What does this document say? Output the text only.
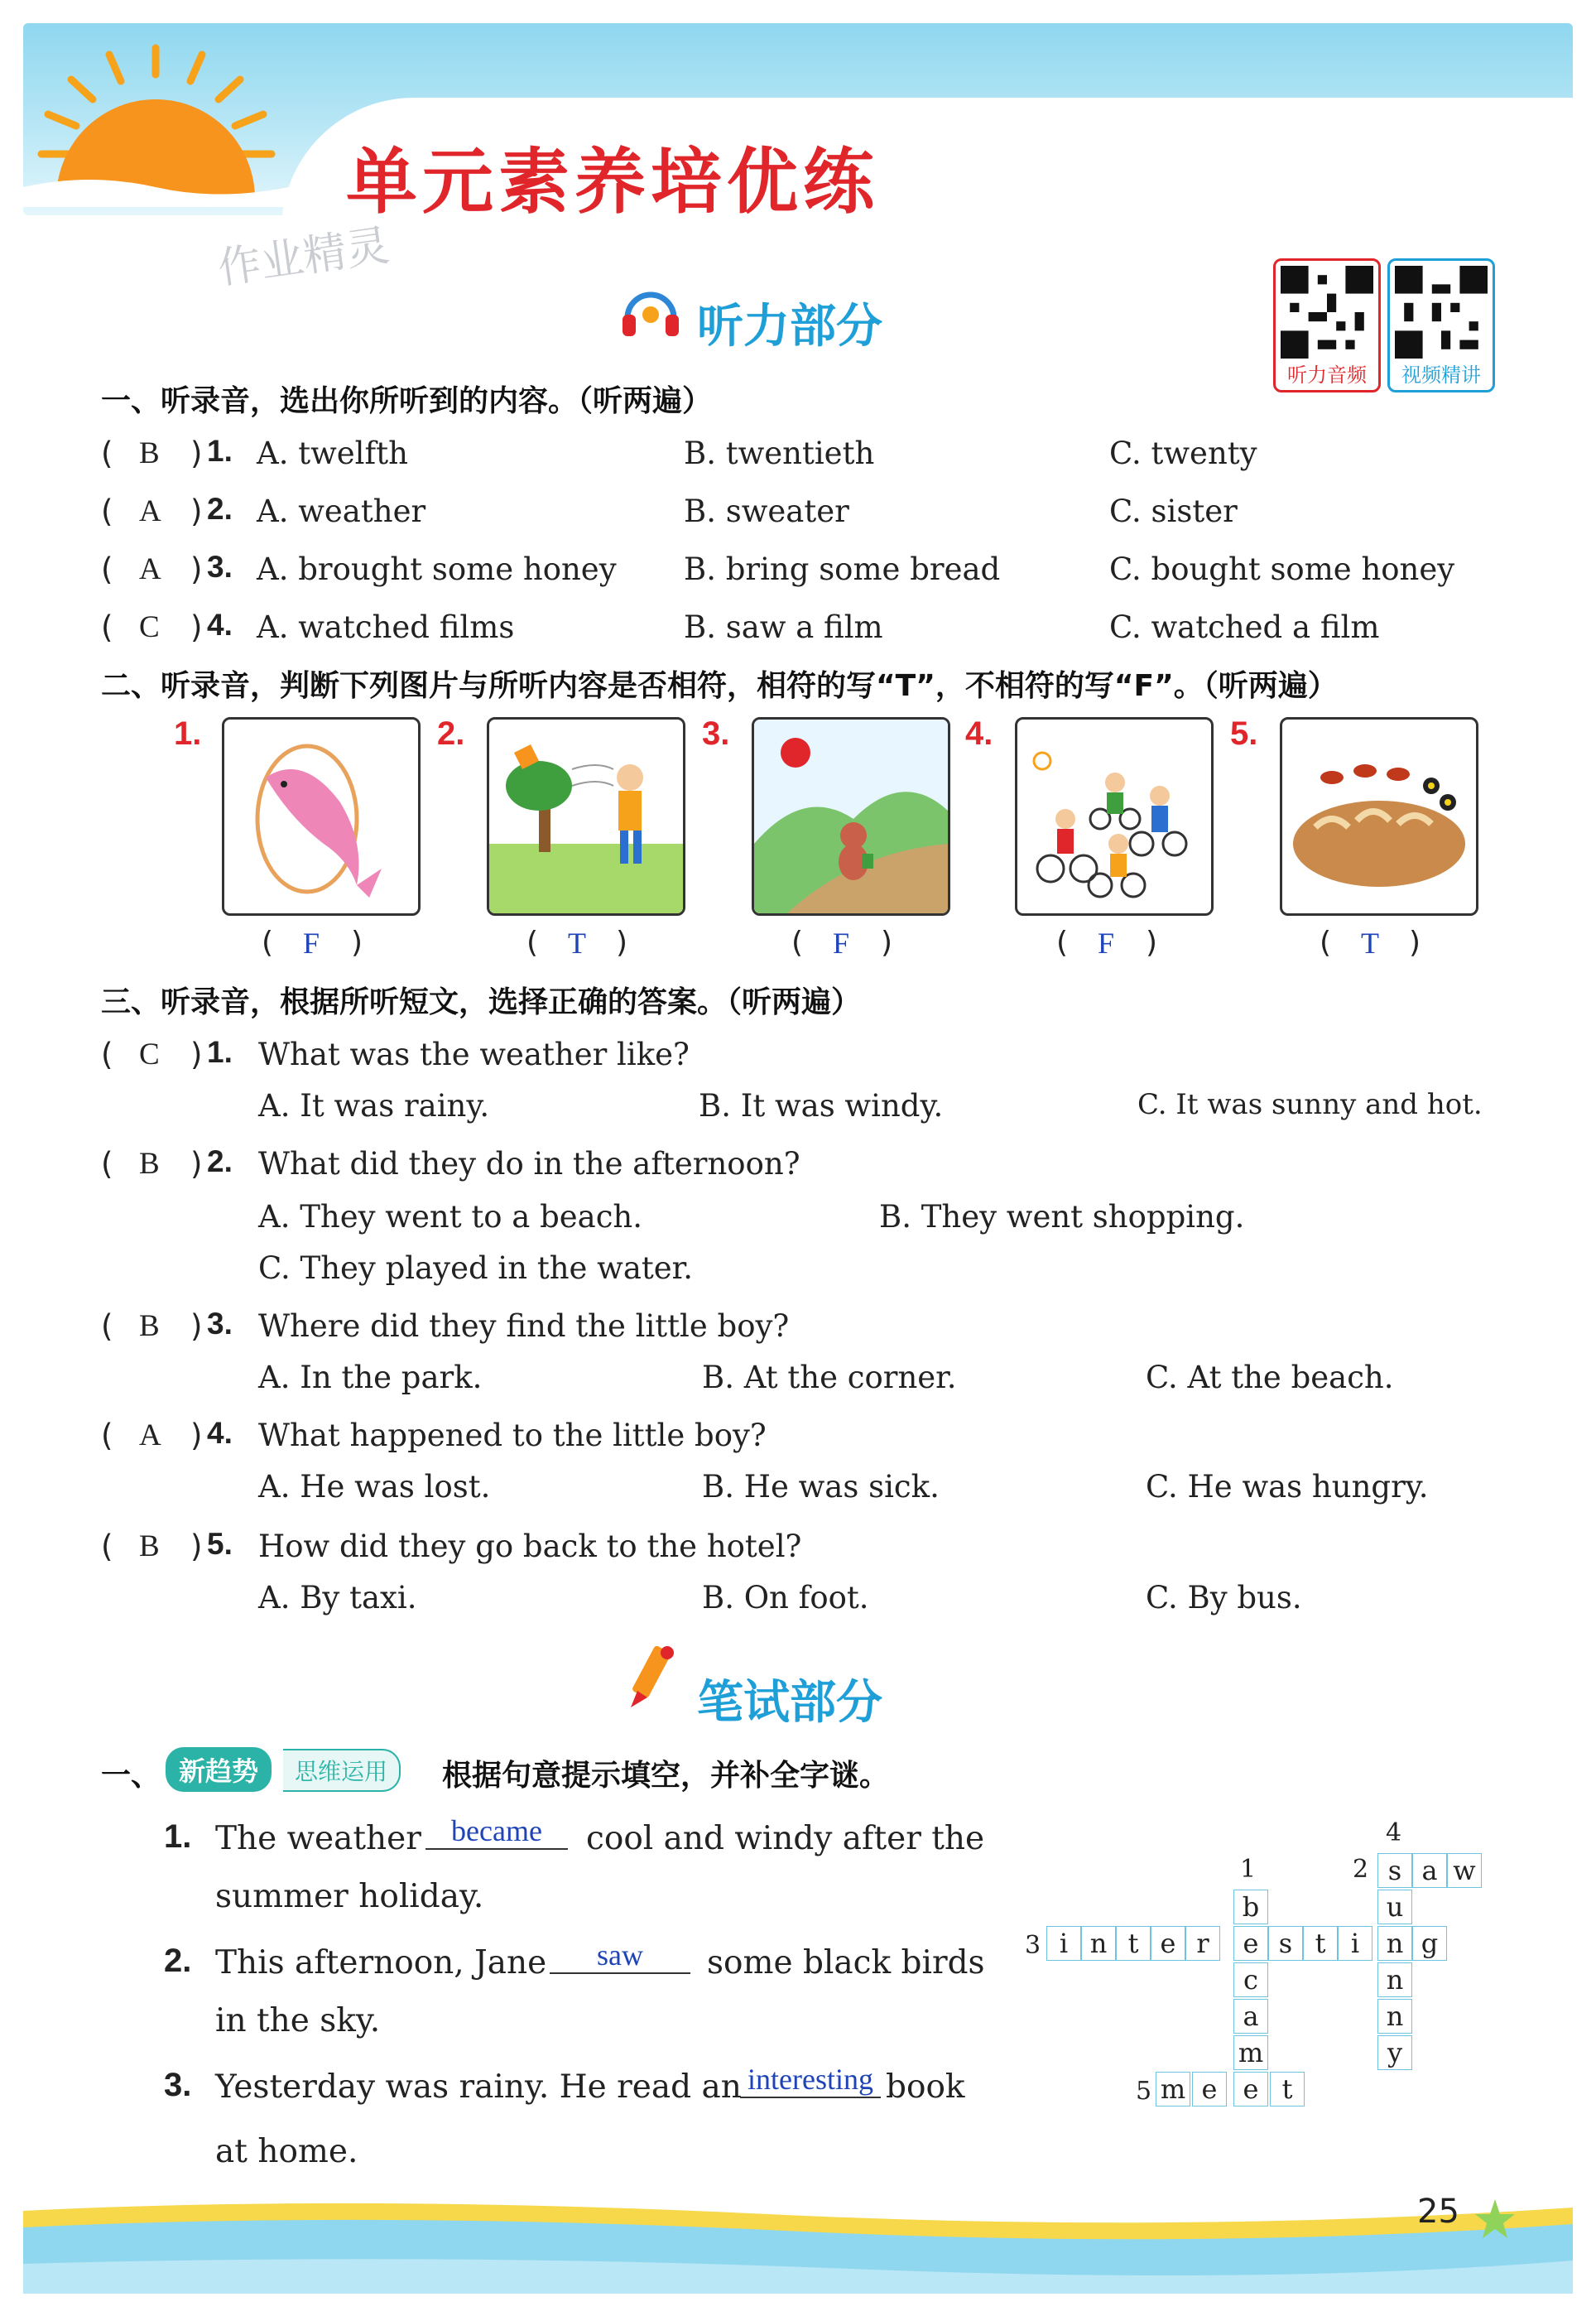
单元素养培优练
作业精灵
听力部分
听力音频	视频精讲
一、听录音，选出你所听到的内容。（听两遍）
( B ) 1. A. twelfth	B. twentieth	C. twenty
( A ) 2. A. weather	B. sweater	C. sister
( A ) 3. A. brought some honey B. bring some bread	C. bought some honey
( C ) 4. A. watched films	B. saw a film	C. watched a film
二、听录音，判断下列图片与所听内容是否相符，相符的写“T”，不相符的写“F”。（听两遍）
1.
( F )
2.
( T )
3.
( F )
4.
( F )
5.
( T )
三、听录音，根据所听短文，选择正确的答案。（听两遍）
( C ) 1. What was the weather like?
A. It was rainy.	B. It was windy.	C. It was sunny and hot.
( B ) 2. What did they do in the afternoon?
A. They went to a beach.	B. They went shopping.
C. They played in the water.
( B ) 3. Where did they find the little boy?
A. In the park.	B. At the corner.	C. At the beach.
( A ) 4. What happened to the little boy?
A. He was lost.	B. He was sick.	C. He was hungry.
( B ) 5. How did they go back to the hotel?
A. By taxi.	B. On foot.	C. By bus.
笔试部分
一、 新趋势	思维运用	根据句意提示填空，并补全字谜。
1. The weather	became	cool and windy after the
summer holiday.
2. This afternoon, Jane	saw	some black birds
in the sky.
3. Yesterday was rainy. He read an interesting book
at home.
1	2
3
4
5
s a w
u
n
n
y
i n t e r	e s t i	n g
b
c
a
m
m e e t
25
